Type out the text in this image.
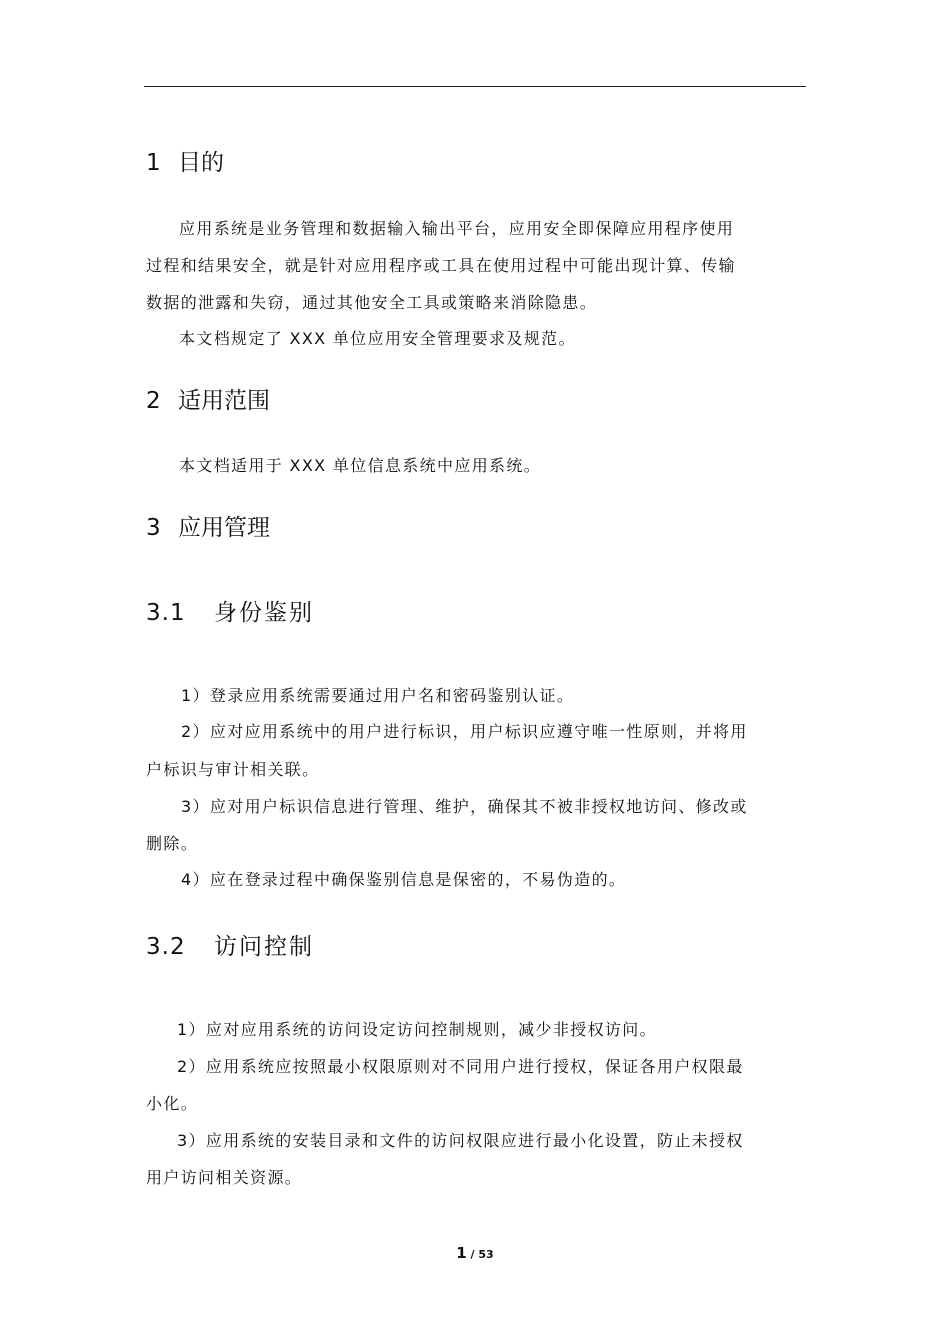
1 目的
应用系统是业务管理和数据输入输出平台，应用安全即保障应用程序使用
过程和结果安全，就是针对应用程序或工具在使用过程中可能出现计算、传输
数据的泄露和失窃，通过其他安全工具或策略来消除隐患。
本文档规定了 XXX 单位应用安全管理要求及规范。
2 适用范围
本文档适用于 XXX 单位信息系统中应用系统。
3 应用管理
3.1 身份鉴别
1）登录应用系统需要通过用户名和密码鉴别认证。
2）应对应用系统中的用户进行标识，用户标识应遵守唯一性原则，并将用
户标识与审计相关联。
3）应对用户标识信息进行管理、维护，确保其不被非授权地访问、修改或
删除。
4）应在登录过程中确保鉴别信息是保密的，不易伪造的。
3.2 访问控制
1）应对应用系统的访问设定访问控制规则，减少非授权访问。
2）应用系统应按照最小权限原则对不同用户进行授权，保证各用户权限最
小化。
3）应用系统的安装目录和文件的访问权限应进行最小化设置，防止未授权
用户访问相关资源。
1 / 53
